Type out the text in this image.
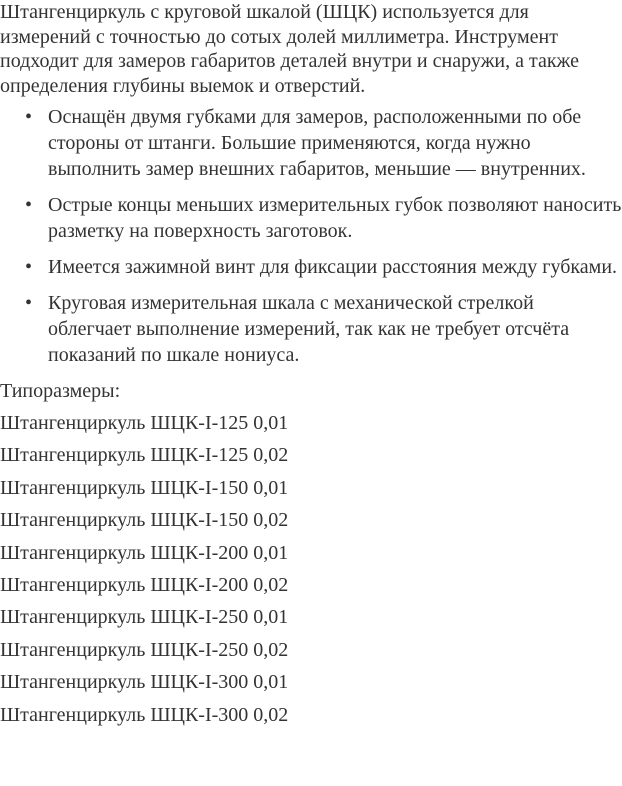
Штангенциркуль с круговой шкалой (ШЦК) используется для измерений с точностью до сотых долей миллиметра. Инструмент подходит для замеров габаритов деталей внутри и снаружи, а также определения глубины выемок и отверстий.

• Оснащён двумя губками для замеров, расположенными по обе стороны от штанги. Большие применяются, когда нужно выполнить замер внешних габаритов, меньшие — внутренних.
• Острые концы меньших измерительных губок позволяют наносить разметку на поверхность заготовок.
• Имеется зажимной винт для фиксации расстояния между губками.
• Круговая измерительная шкала с механической стрелкой облегчает выполнение измерений, так как не требует отсчёта показаний по шкале нониуса.
Типоразмеры:
Штангенциркуль ШЦК-I-125 0,01
Штангенциркуль ШЦК-I-125 0,02
Штангенциркуль ШЦК-I-150 0,01
Штангенциркуль ШЦК-I-150 0,02
Штангенциркуль ШЦК-I-200 0,01
Штангенциркуль ШЦК-I-200 0,02
Штангенциркуль ШЦК-I-250 0,01
Штангенциркуль ШЦК-I-250 0,02
Штангенциркуль ШЦК-I-300 0,01
Штангенциркуль ШЦК-I-300 0,02
